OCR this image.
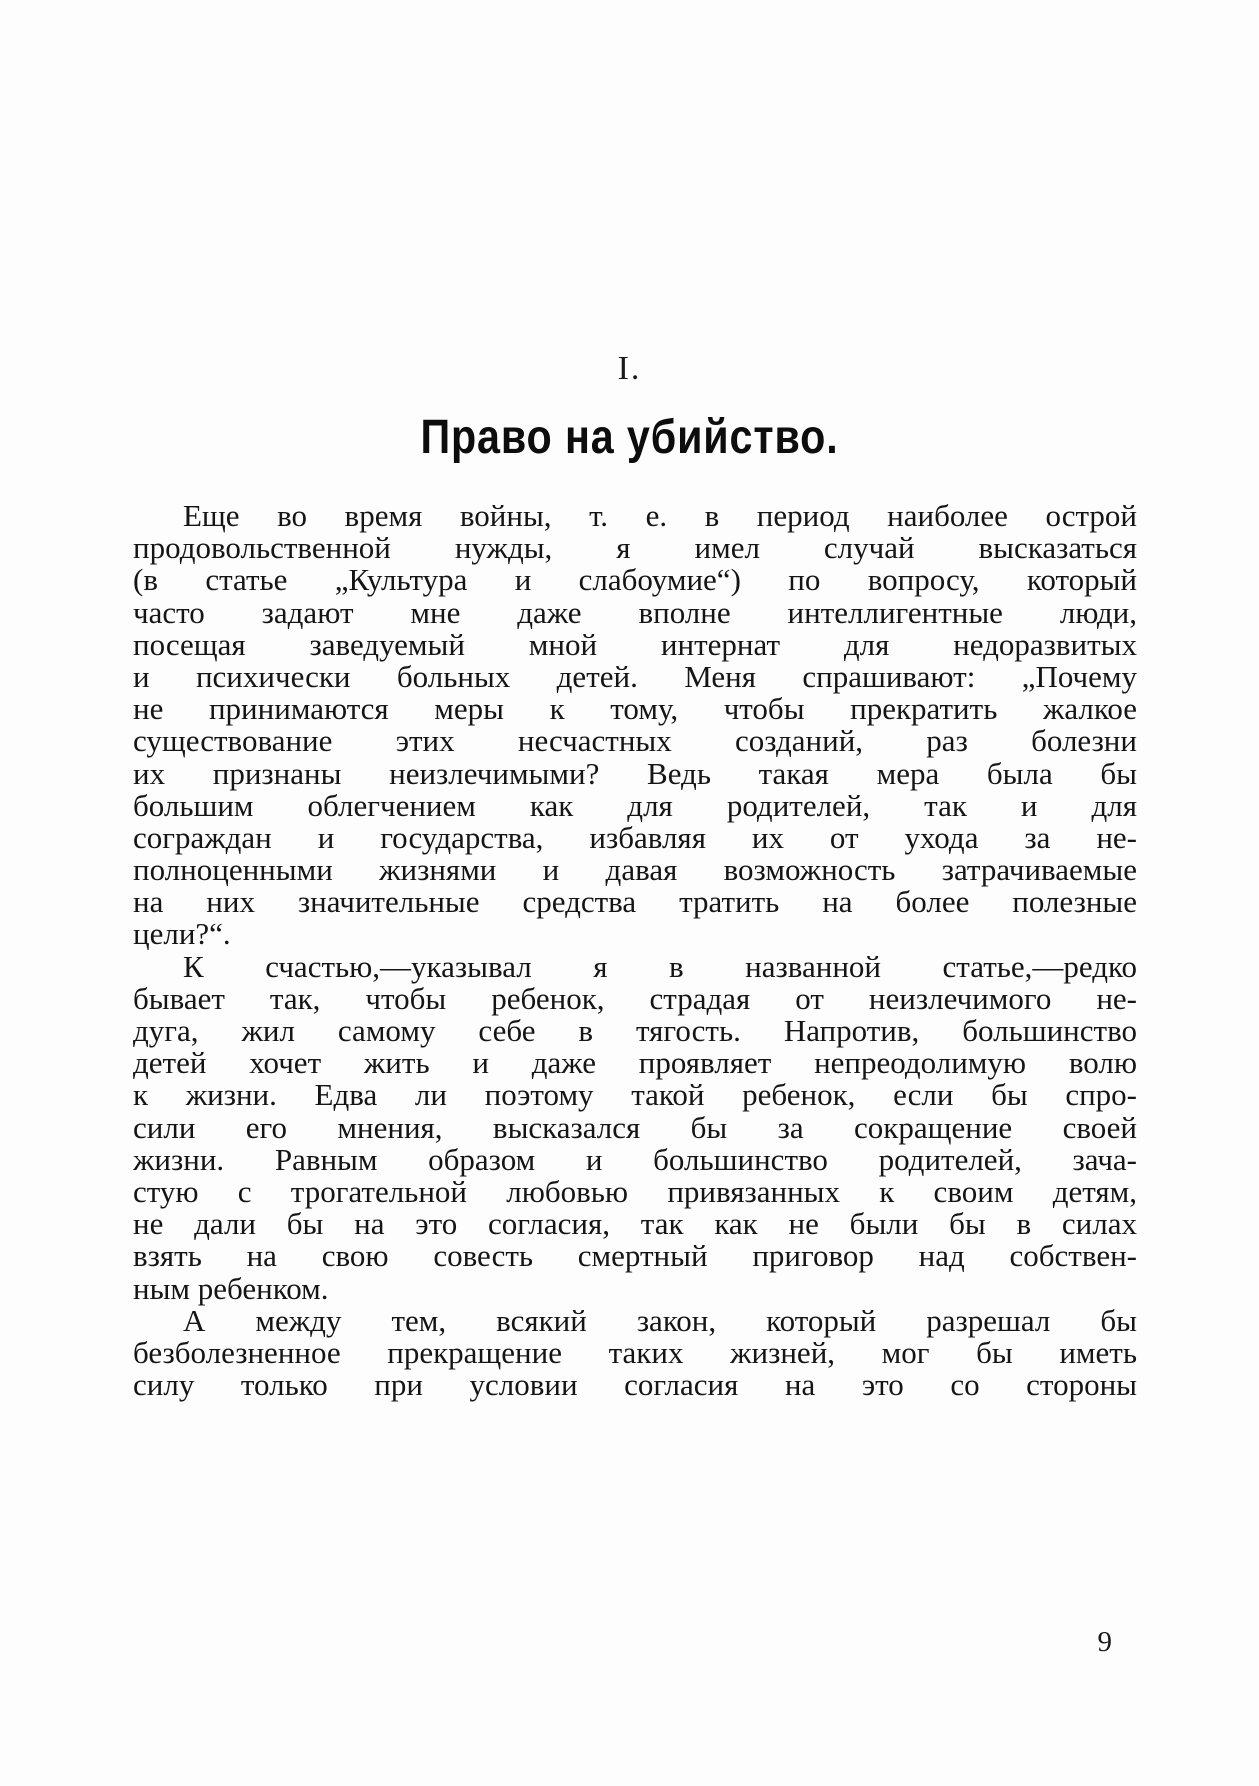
I.
Право на убийство.

Еще во время войны, т. е. в период наиболее острой
продовольственной нужды, я имел случай высказаться
(в статье „Культура и слабоумие“) по вопросу, который
часто задают мне даже вполне интеллигентные люди,
посещая заведуемый мной интернат для недоразвитых
и психически больных детей. Меня спрашивают: „Почему
не принимаются меры к тому, чтобы прекратить жалкое
существование этих несчастных созданий, раз болезни
их признаны неизлечимыми? Ведь такая мера была бы
большим облегчением как для родителей, так и для
сограждан и государства, избавляя их от ухода за не-
полноценными жизнями и давая возможность затрачиваемые
на них значительные средства тратить на более полезные
цели?“.

К счастью,—указывал я в названной статье,—редко
бывает так, чтобы ребенок, страдая от неизлечимого не-
дуга, жил самому себе в тягость. Напротив, большинство
детей хочет жить и даже проявляет непреодолимую волю
к жизни. Едва ли поэтому такой ребенок, если бы спро-
сили его мнения, высказался бы за сокращение своей
жизни. Равным образом и большинство родителей, зача-
стую с трогательной любовью привязанных к своим детям,
не дали бы на это согласия, так как не были бы в силах
взять на свою совесть смертный приговор над собствен-
ным ребенком.

А между тем, всякий закон, который разрешал бы
безболезненное прекращение таких жизней, мог бы иметь
силу только при условии согласия на это со стороны

9
